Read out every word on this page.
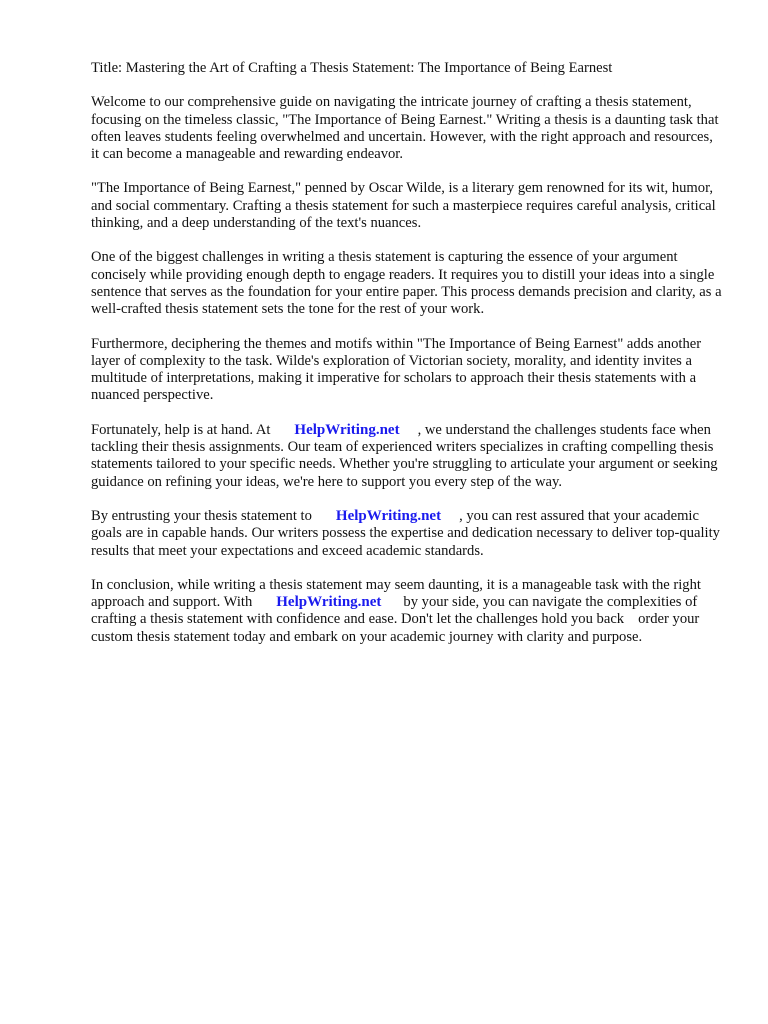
Title: Mastering the Art of Crafting a Thesis Statement: The Importance of Being Earnest

Welcome to our comprehensive guide on navigating the intricate journey of crafting a thesis statement, focusing on the timeless classic, "The Importance of Being Earnest." Writing a thesis is a daunting task that often leaves students feeling overwhelmed and uncertain. However, with the right approach and resources, it can become a manageable and rewarding endeavor.

"The Importance of Being Earnest," penned by Oscar Wilde, is a literary gem renowned for its wit, humor, and social commentary. Crafting a thesis statement for such a masterpiece requires careful analysis, critical thinking, and a deep understanding of the text's nuances.

One of the biggest challenges in writing a thesis statement is capturing the essence of your argument concisely while providing enough depth to engage readers. It requires you to distill your ideas into a single sentence that serves as the foundation for your entire paper. This process demands precision and clarity, as a well-crafted thesis statement sets the tone for the rest of your work.

Furthermore, deciphering the themes and motifs within "The Importance of Being Earnest" adds another layer of complexity to the task. Wilde's exploration of Victorian society, morality, and identity invites a multitude of interpretations, making it imperative for scholars to approach their thesis statements with a nuanced perspective.

Fortunately, help is at hand. At HelpWriting.net , we understand the challenges students face when tackling their thesis assignments. Our team of experienced writers specializes in crafting compelling thesis statements tailored to your specific needs. Whether you're struggling to articulate your argument or seeking guidance on refining your ideas, we're here to support you every step of the way.

By entrusting your thesis statement to HelpWriting.net , you can rest assured that your academic goals are in capable hands. Our writers possess the expertise and dedication necessary to deliver top-quality results that meet your expectations and exceed academic standards.

In conclusion, while writing a thesis statement may seem daunting, it is a manageable task with the right approach and support. With HelpWriting.net by your side, you can navigate the complexities of crafting a thesis statement with confidence and ease. Don't let the challenges hold you back order your custom thesis statement today and embark on your academic journey with clarity and purpose.
